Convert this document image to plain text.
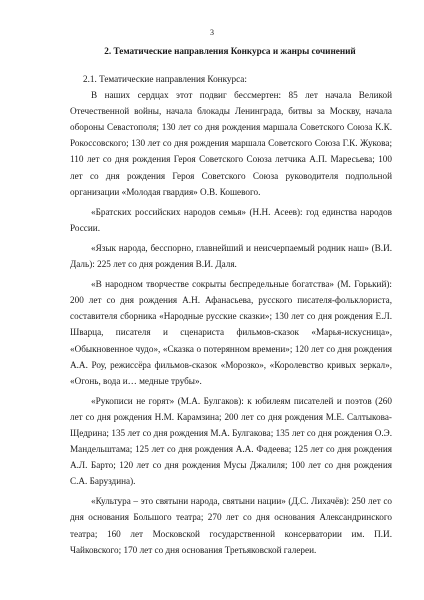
3
2. Тематические направления Конкурса и жанры сочинений

2.1. Тематические направления Конкурса:

В наших сердцах этот подвиг бессмертен: 85 лет начала Великой Отечественной войны, начала блокады Ленинграда, битвы за Москву, начала обороны Севастополя; 130 лет со дня рождения маршала Советского Союза К.К. Рокоссовского; 130 лет со дня рождения маршала Советского Союза Г.К. Жукова; 110 лет со дня рождения Героя Советского Союза летчика А.П. Маресьева; 100 лет со дня рождения Героя Советского Союза руководителя подпольной организации «Молодая гвардия» О.В. Кошевого.

«Братских российских народов семья» (Н.Н. Асеев): год единства народов России.

«Язык народа, бесспорно, главнейший и неисчерпаемый родник наш» (В.И. Даль): 225 лет со дня рождения В.И. Даля.

«В народном творчестве сокрыты беспредельные богатства» (М. Горький): 200 лет со дня рождения А.Н. Афанасьева, русского писателя-фольклориста, составителя сборника «Народные русские сказки»; 130 лет со дня рождения Е.Л. Шварца, писателя и сценариста фильмов-сказок «Марья-искусница», «Обыкновенное чудо», «Сказка о потерянном времени»; 120 лет со дня рождения А.А. Роу, режиссёра фильмов-сказок «Морозко», «Королевство кривых зеркал», «Огонь, вода и… медные трубы».

«Рукописи не горят» (М.А. Булгаков): к юбилеям писателей и поэтов (260 лет со дня рождения Н.М. Карамзина; 200 лет со дня рождения М.Е. Салтыкова-Щедрина; 135 лет со дня рождения М.А. Булгакова; 135 лет со дня рождения О.Э. Мандельштама; 125 лет со дня рождения А.А. Фадеева; 125 лет со дня рождения А.Л. Барто; 120 лет со дня рождения Мусы Джалиля; 100 лет со дня рождения С.А. Баруздина).

«Культура – это святыни народа, святыни нации» (Д.С. Лихачёв): 250 лет со дня основания Большого театра; 270 лет со дня основания Александринского театра; 160 лет Московской государственной консерватории им. П.И. Чайковского; 170 лет со дня основания Третьяковской галереи.
